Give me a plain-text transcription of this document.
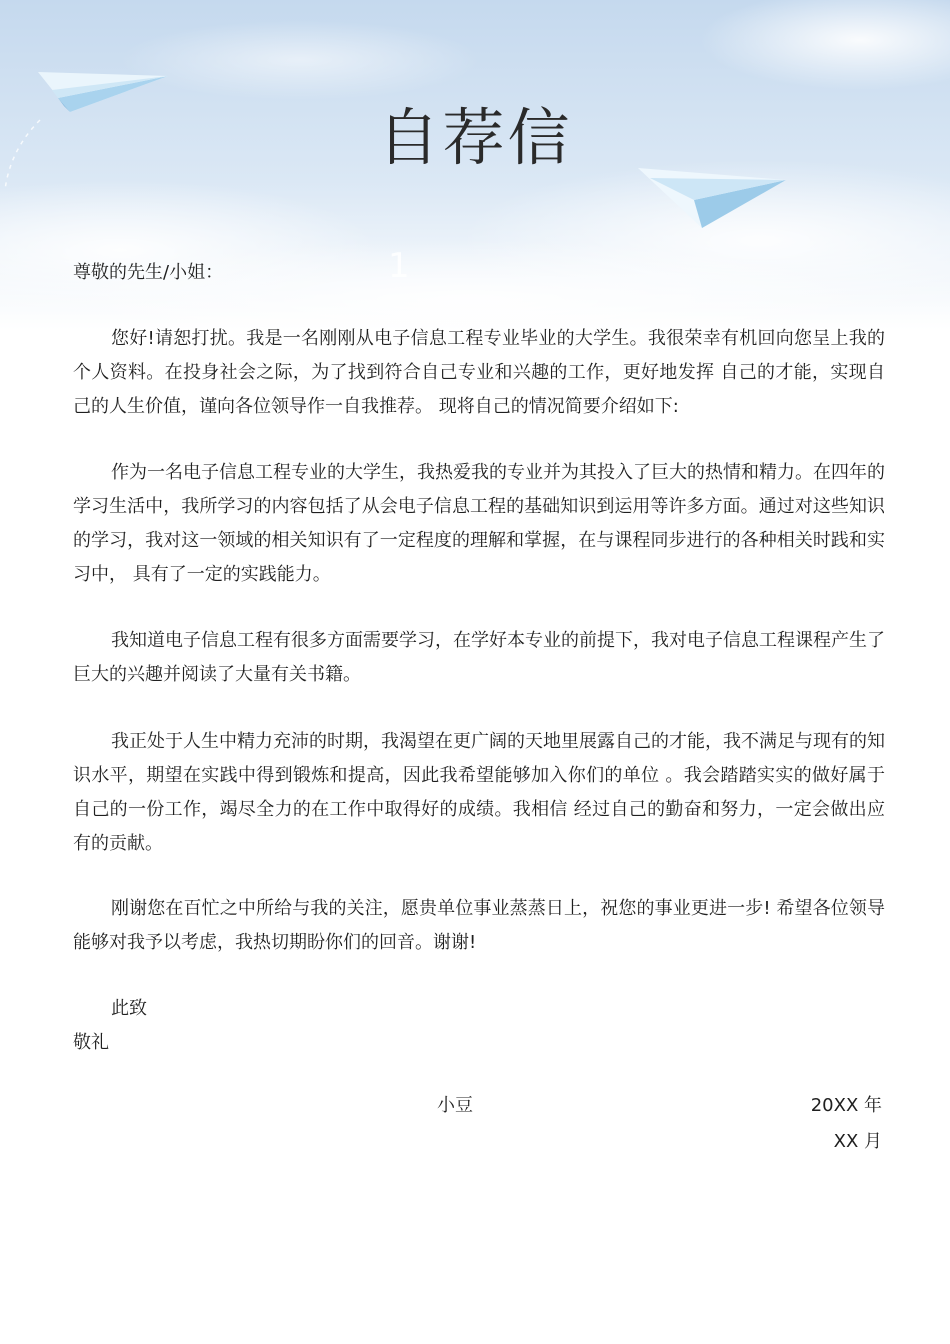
自荐信
1

尊敬的先生/小姐：

您好!请恕打扰。我是一名刚刚从电子信息工程专业毕业的大学生。我很荣幸有机回向您呈上我的个人资料。在投身社会之际，为了找到符合自己专业和兴趣的工作，更好地发挥 自己的才能，实现自己的人生价值，谨向各位领导作一自我推荐。 现将自己的情况简要介绍如下:

作为一名电子信息工程专业的大学生，我热爱我的专业并为其投入了巨大的热情和精力。在四年的学习生活中，我所学习的内容包括了从会电子信息工程的基础知识到运用等许多方面。通过对这些知识的学习，我对这一领域的相关知识有了一定程度的理解和掌握，在与课程同步进行的各种相关时践和实习中， 具有了一定的实践能力。

我知道电子信息工程有很多方面需要学习，在学好本专业的前提下，我对电子信息工程课程产生了巨大的兴趣并阅读了大量有关书籍。

我正处于人生中精力充沛的时期，我渴望在更广阔的天地里展露自己的才能，我不满足与现有的知识水平，期望在实践中得到锻炼和提高，因此我希望能够加入你们的单位 。我会踏踏实实的做好属于自己的一份工作，竭尽全力的在工作中取得好的成绩。我相信 经过自己的勤奋和努力，一定会做出应有的贡献。

刚谢您在百忙之中所给与我的关注，愿贵单位事业蒸蒸日上，祝您的事业更进一步! 希望各位领导能够对我予以考虑，我热切期盼你们的回音。谢谢!

此致

敬礼

小豆	20XX 年
XX 月
